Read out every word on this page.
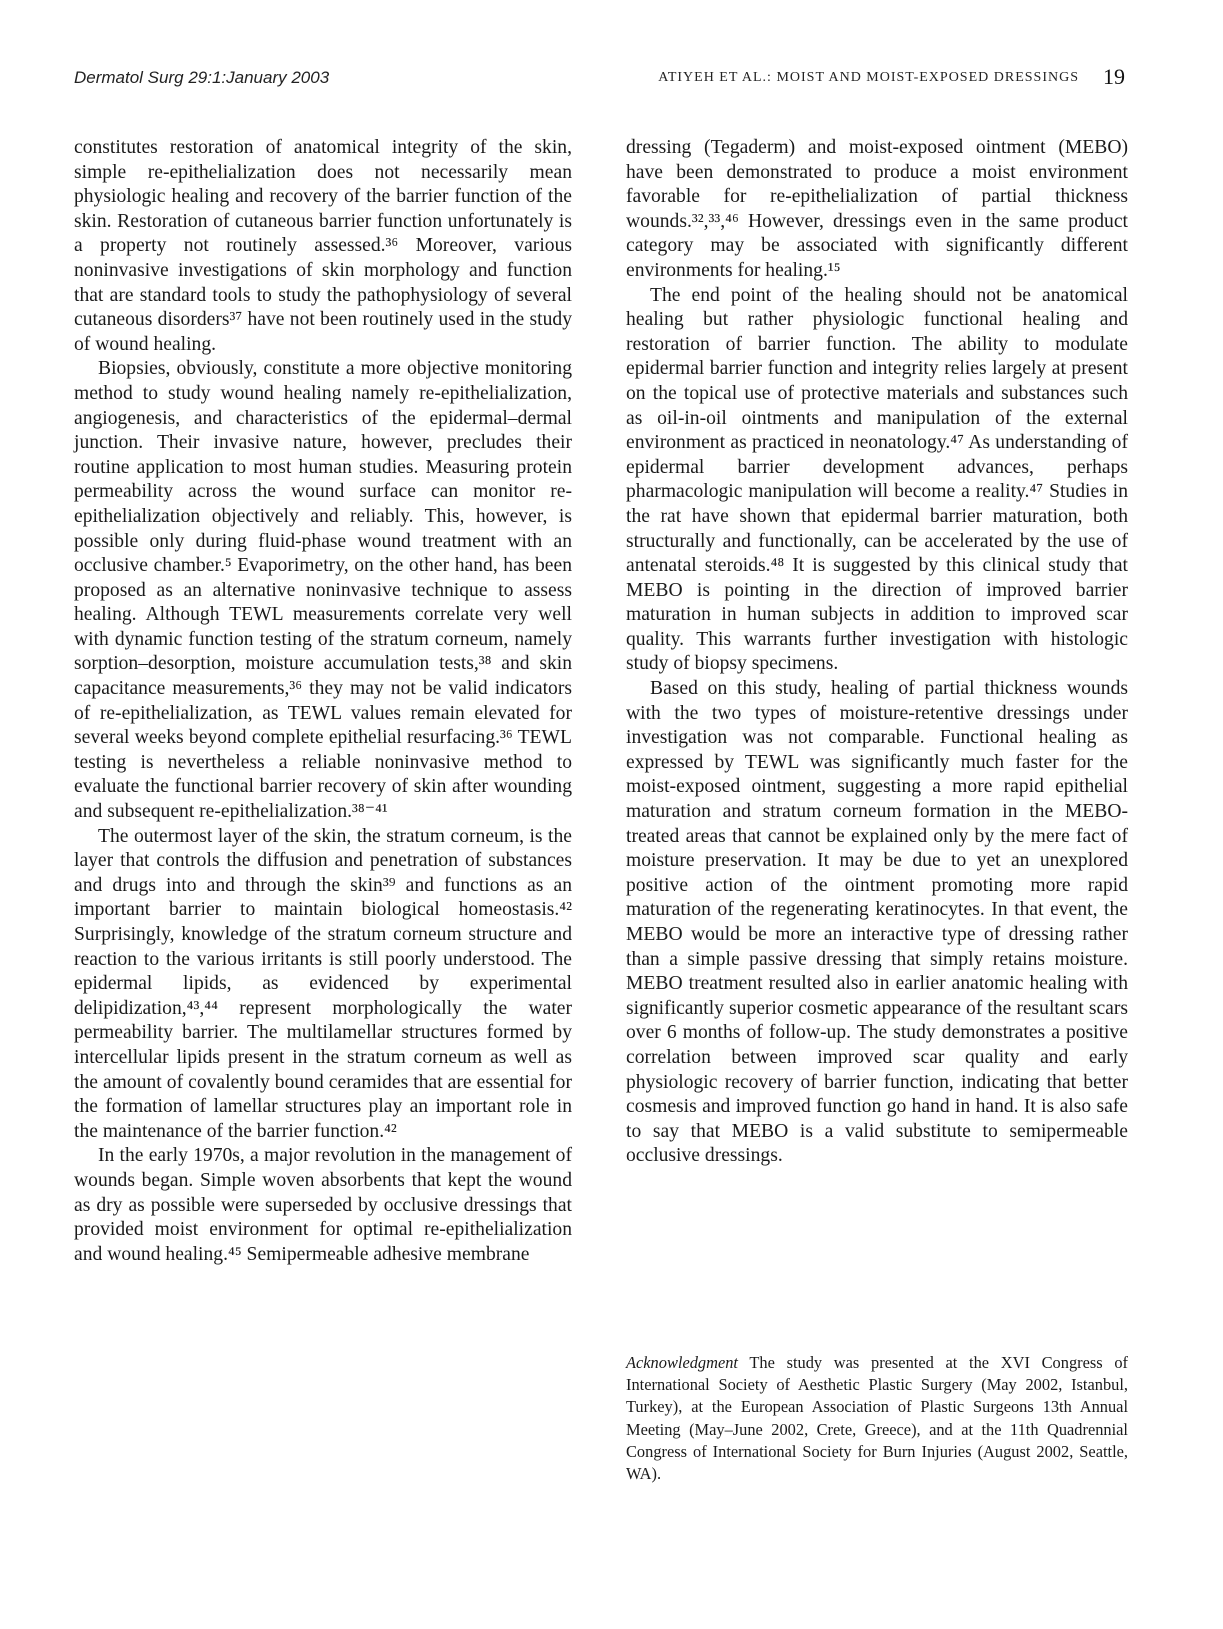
Dermatol Surg 29:1:January 2003	ATIYEH ET AL.: MOIST AND MOIST-EXPOSED DRESSINGS 19

constitutes restoration of anatomical integrity of the skin, simple re-epithelialization does not necessarily mean physiologic healing and recovery of the barrier function of the skin. Restoration of cutaneous barrier function unfortunately is a property not routinely assessed.³⁶ Moreover, various noninvasive investigations of skin morphology and function that are standard tools to study the pathophysiology of several cutaneous disorders³⁷ have not been routinely used in the study of wound healing.

Biopsies, obviously, constitute a more objective monitoring method to study wound healing namely re-epithelialization, angiogenesis, and characteristics of the epidermal–dermal junction. Their invasive nature, however, precludes their routine application to most human studies. Measuring protein permeability across the wound surface can monitor re-epithelialization objectively and reliably. This, however, is possible only during fluid-phase wound treatment with an occlusive chamber.⁵ Evaporimetry, on the other hand, has been proposed as an alternative noninvasive technique to assess healing. Although TEWL measurements correlate very well with dynamic function testing of the stratum corneum, namely sorption–desorption, moisture accumulation tests,³⁸ and skin capacitance measurements,³⁶ they may not be valid indicators of re-epithelialization, as TEWL values remain elevated for several weeks beyond complete epithelial resurfacing.³⁶ TEWL testing is nevertheless a reliable noninvasive method to evaluate the functional barrier recovery of skin after wounding and subsequent re-epithelialization.³⁸⁻⁴¹

The outermost layer of the skin, the stratum corneum, is the layer that controls the diffusion and penetration of substances and drugs into and through the skin³⁹ and functions as an important barrier to maintain biological homeostasis.⁴² Surprisingly, knowledge of the stratum corneum structure and reaction to the various irritants is still poorly understood. The epidermal lipids, as evidenced by experimental delipidization,⁴³,⁴⁴ represent morphologically the water permeability barrier. The multilamellar structures formed by intercellular lipids present in the stratum corneum as well as the amount of covalently bound ceramides that are essential for the formation of lamellar structures play an important role in the maintenance of the barrier function.⁴²

In the early 1970s, a major revolution in the management of wounds began. Simple woven absorbents that kept the wound as dry as possible were superseded by occlusive dressings that provided moist environment for optimal re-epithelialization and wound healing.⁴⁵ Semipermeable adhesive membrane

dressing (Tegaderm) and moist-exposed ointment (MEBO) have been demonstrated to produce a moist environment favorable for re-epithelialization of partial thickness wounds.³²,³³,⁴⁶ However, dressings even in the same product category may be associated with significantly different environments for healing.¹⁵

The end point of the healing should not be anatomical healing but rather physiologic functional healing and restoration of barrier function. The ability to modulate epidermal barrier function and integrity relies largely at present on the topical use of protective materials and substances such as oil-in-oil ointments and manipulation of the external environment as practiced in neonatology.⁴⁷ As understanding of epidermal barrier development advances, perhaps pharmacologic manipulation will become a reality.⁴⁷ Studies in the rat have shown that epidermal barrier maturation, both structurally and functionally, can be accelerated by the use of antenatal steroids.⁴⁸ It is suggested by this clinical study that MEBO is pointing in the direction of improved barrier maturation in human subjects in addition to improved scar quality. This warrants further investigation with histologic study of biopsy specimens.

Based on this study, healing of partial thickness wounds with the two types of moisture-retentive dressings under investigation was not comparable. Functional healing as expressed by TEWL was significantly much faster for the moist-exposed ointment, suggesting a more rapid epithelial maturation and stratum corneum formation in the MEBO-treated areas that cannot be explained only by the mere fact of moisture preservation. It may be due to yet an unexplored positive action of the ointment promoting more rapid maturation of the regenerating keratinocytes. In that event, the MEBO would be more an interactive type of dressing rather than a simple passive dressing that simply retains moisture. MEBO treatment resulted also in earlier anatomic healing with significantly superior cosmetic appearance of the resultant scars over 6 months of follow-up. The study demonstrates a positive correlation between improved scar quality and early physiologic recovery of barrier function, indicating that better cosmesis and improved function go hand in hand. It is also safe to say that MEBO is a valid substitute to semipermeable occlusive dressings.

Acknowledgment The study was presented at the XVI Congress of International Society of Aesthetic Plastic Surgery (May 2002, Istanbul, Turkey), at the European Association of Plastic Surgeons 13th Annual Meeting (May–June 2002, Crete, Greece), and at the 11th Quadrennial Congress of International Society for Burn Injuries (August 2002, Seattle, WA).
